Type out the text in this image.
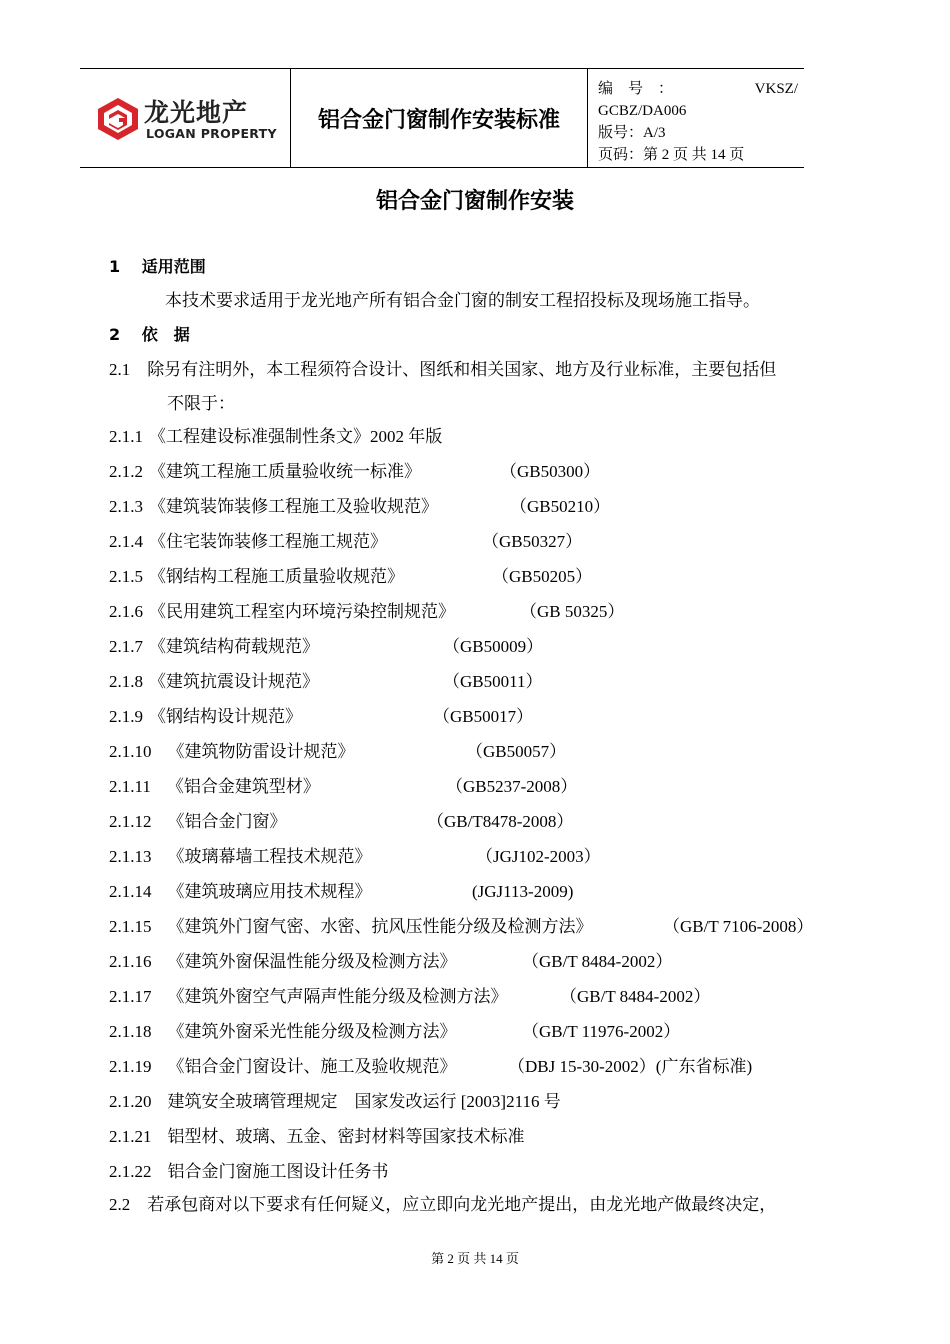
龙光地产
LOGAN PROPERTY
铝合金门窗制作安装标准
编　号　：	VKSZ/
GCBZ/DA006
版号：A/3
页码：第 2 页 共 14 页
铝合金门窗制作安装
1　 适用范围
本技术要求适用于龙光地产所有铝合金门窗的制安工程招投标及现场施工指导。
2　 依　据
2.1　除另有注明外，本工程须符合设计、图纸和相关国家、地方及行业标准，主要包括但
不限于：
2.1.1 《工程建设标准强制性条文》2002 年版
2.1.2 《建筑工程施工质量验收统一标准》	（GB50300）
2.1.3 《建筑装饰装修工程施工及验收规范》	（GB50210）
2.1.4 《住宅装饰装修工程施工规范》	（GB50327）
2.1.5 《钢结构工程施工质量验收规范》	（GB50205）
2.1.6 《民用建筑工程室内环境污染控制规范》	（GB 50325）
2.1.7 《建筑结构荷载规范》	（GB50009）
2.1.8 《建筑抗震设计规范》	（GB50011）
2.1.9 《钢结构设计规范》	（GB50017）
2.1.10 《建筑物防雷设计规范》	（GB50057）
2.1.11 《铝合金建筑型材》	（GB5237-2008）
2.1.12 《铝合金门窗》	（GB/T8478-2008）
2.1.13 《玻璃幕墙工程技术规范》	（JGJ102-2003）
2.1.14 《建筑玻璃应用技术规程》	(JGJ113-2009)
2.1.15 《建筑外门窗气密、水密、抗风压性能分级及检测方法》	（GB/T 7106-2008）
2.1.16 《建筑外窗保温性能分级及检测方法》	（GB/T 8484-2002）
2.1.17 《建筑外窗空气声隔声性能分级及检测方法》	（GB/T 8484-2002）
2.1.18 《建筑外窗采光性能分级及检测方法》	（GB/T 11976-2002）
2.1.19 《铝合金门窗设计、施工及验收规范》	（DBJ 15-30-2002）(广东省标准)
2.1.20 建筑安全玻璃管理规定　国家发改运行 [2003]2116 号
2.1.21 铝型材、玻璃、五金、密封材料等国家技术标准
2.1.22 铝合金门窗施工图设计任务书
2.2　若承包商对以下要求有任何疑义，应立即向龙光地产提出，由龙光地产做最终决定，
第 2 页 共 14 页
